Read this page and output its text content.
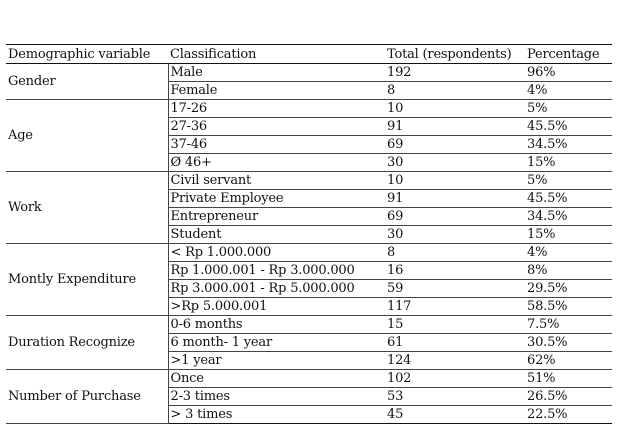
Demographic variable	Classification	Total (respondents)	Percentage
Gender	Male	192	96%
	Female	8	4%
Age	17-26	10	5%
	27-36	91	45.5%
	37-46	69	34.5%
	Ø 46+	30	15%
Work	Civil servant	10	5%
	Private Employee	91	45.5%
	Entrepreneur	69	34.5%
	Student	30	15%
Montly Expenditure	< Rp 1.000.000	8	4%
	Rp 1.000.001 - Rp 3.000.000	16	8%
	Rp 3.000.001 - Rp 5.000.000	59	29.5%
	>Rp 5.000.001	117	58.5%
Duration Recognize	0-6 months	15	7.5%
	6 month- 1 year	61	30.5%
	>1 year	124	62%
Number of Purchase	Once	102	51%
	2-3 times	53	26.5%
	> 3 times	45	22.5%
